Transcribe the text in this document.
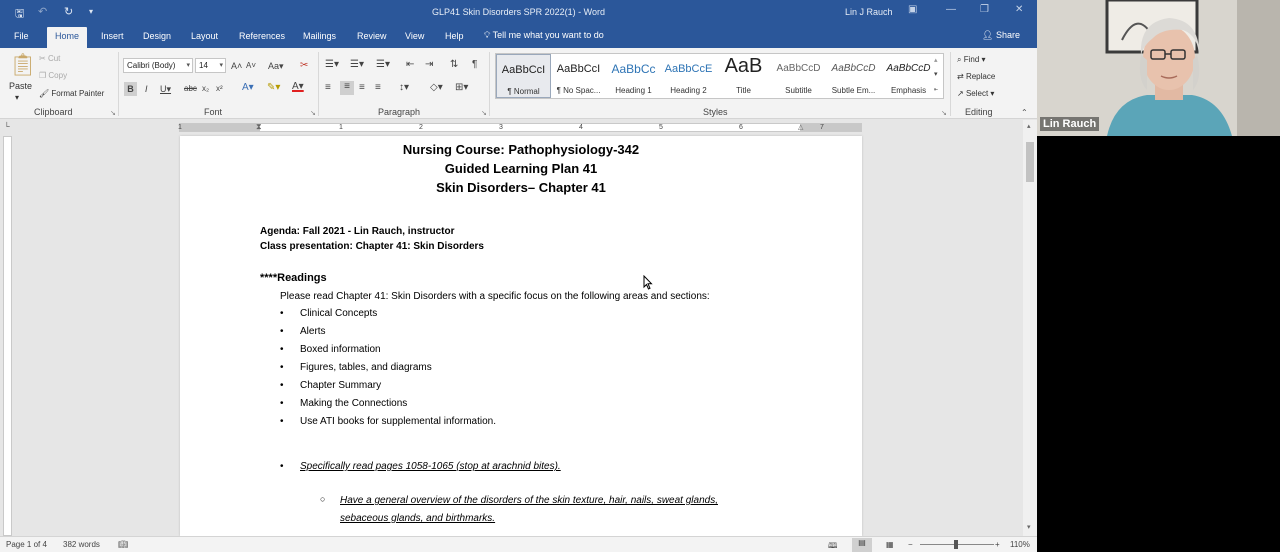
🖫 ↶ ↻ ▾	GLP41 Skin Disorders SPR 2022(1) - Word	Lin J Rauch ▣	— ❐	✕
File	Home	Insert Design Layout References Mailings Review View Help 💡︎ Tell me what you want to do	👤︎ Share
📋︎
Paste
▾
✂ Cut
❐ Copy
🖌︎ Format Painter
Clipboard	↘
Calibri (Body) ▾	14 ▾ A˄ A˅ Aa▾ ✂
B	I U▾ abc x₂ x² A▾ ✎▾ A▾
Font	↘
☰▾ ☰▾ ☰▾ ⇤ ⇥ ⇅ ¶
≡	≡ ≡ ≡ ↕▾ ◇▾ ⊞▾
Paragraph	↘
AaBbCcI
¶ Normal
AaBbCcI
¶ No Spac...
AaBbCc
Heading 1
AaBbCcE
Heading 2
AaB
Title
AaBbCcD
Subtitle
AaBbCcD
Subtle Em...
AaBbCcD
Emphasis
▴
▾
⫦
Styles	↘
⌕ Find ▾
⇄ Replace
↗ Select ▾
Editing	⌃
└	1	1	2	3	4	5	6	7
⧗	△
Nursing Course: Pathophysiology-342
Guided Learning Plan 41
Skin Disorders– Chapter 41
Agenda: Fall 2021 - Lin Rauch, instructor
Class presentation: Chapter 41: Skin Disorders
****Readings
Please read Chapter 41: Skin Disorders with a specific focus on the following areas and sections:
• Clinical Concepts
• Alerts
• Boxed information
• Figures, tables, and diagrams
• Chapter Summary
• Making the Connections
• Use ATI books for supplemental information.
• Specifically read pages 1058-1065 (stop at arachnid bites).
○ Have a general overview of the disorders of the skin texture, hair, nails, sweat glands,
sebaceous glands, and birthmarks.
▴
▾
Page 1 of 4 382 words 📖︎	🕮︎	▤	▦ −	+ 110%
Lin Rauch
